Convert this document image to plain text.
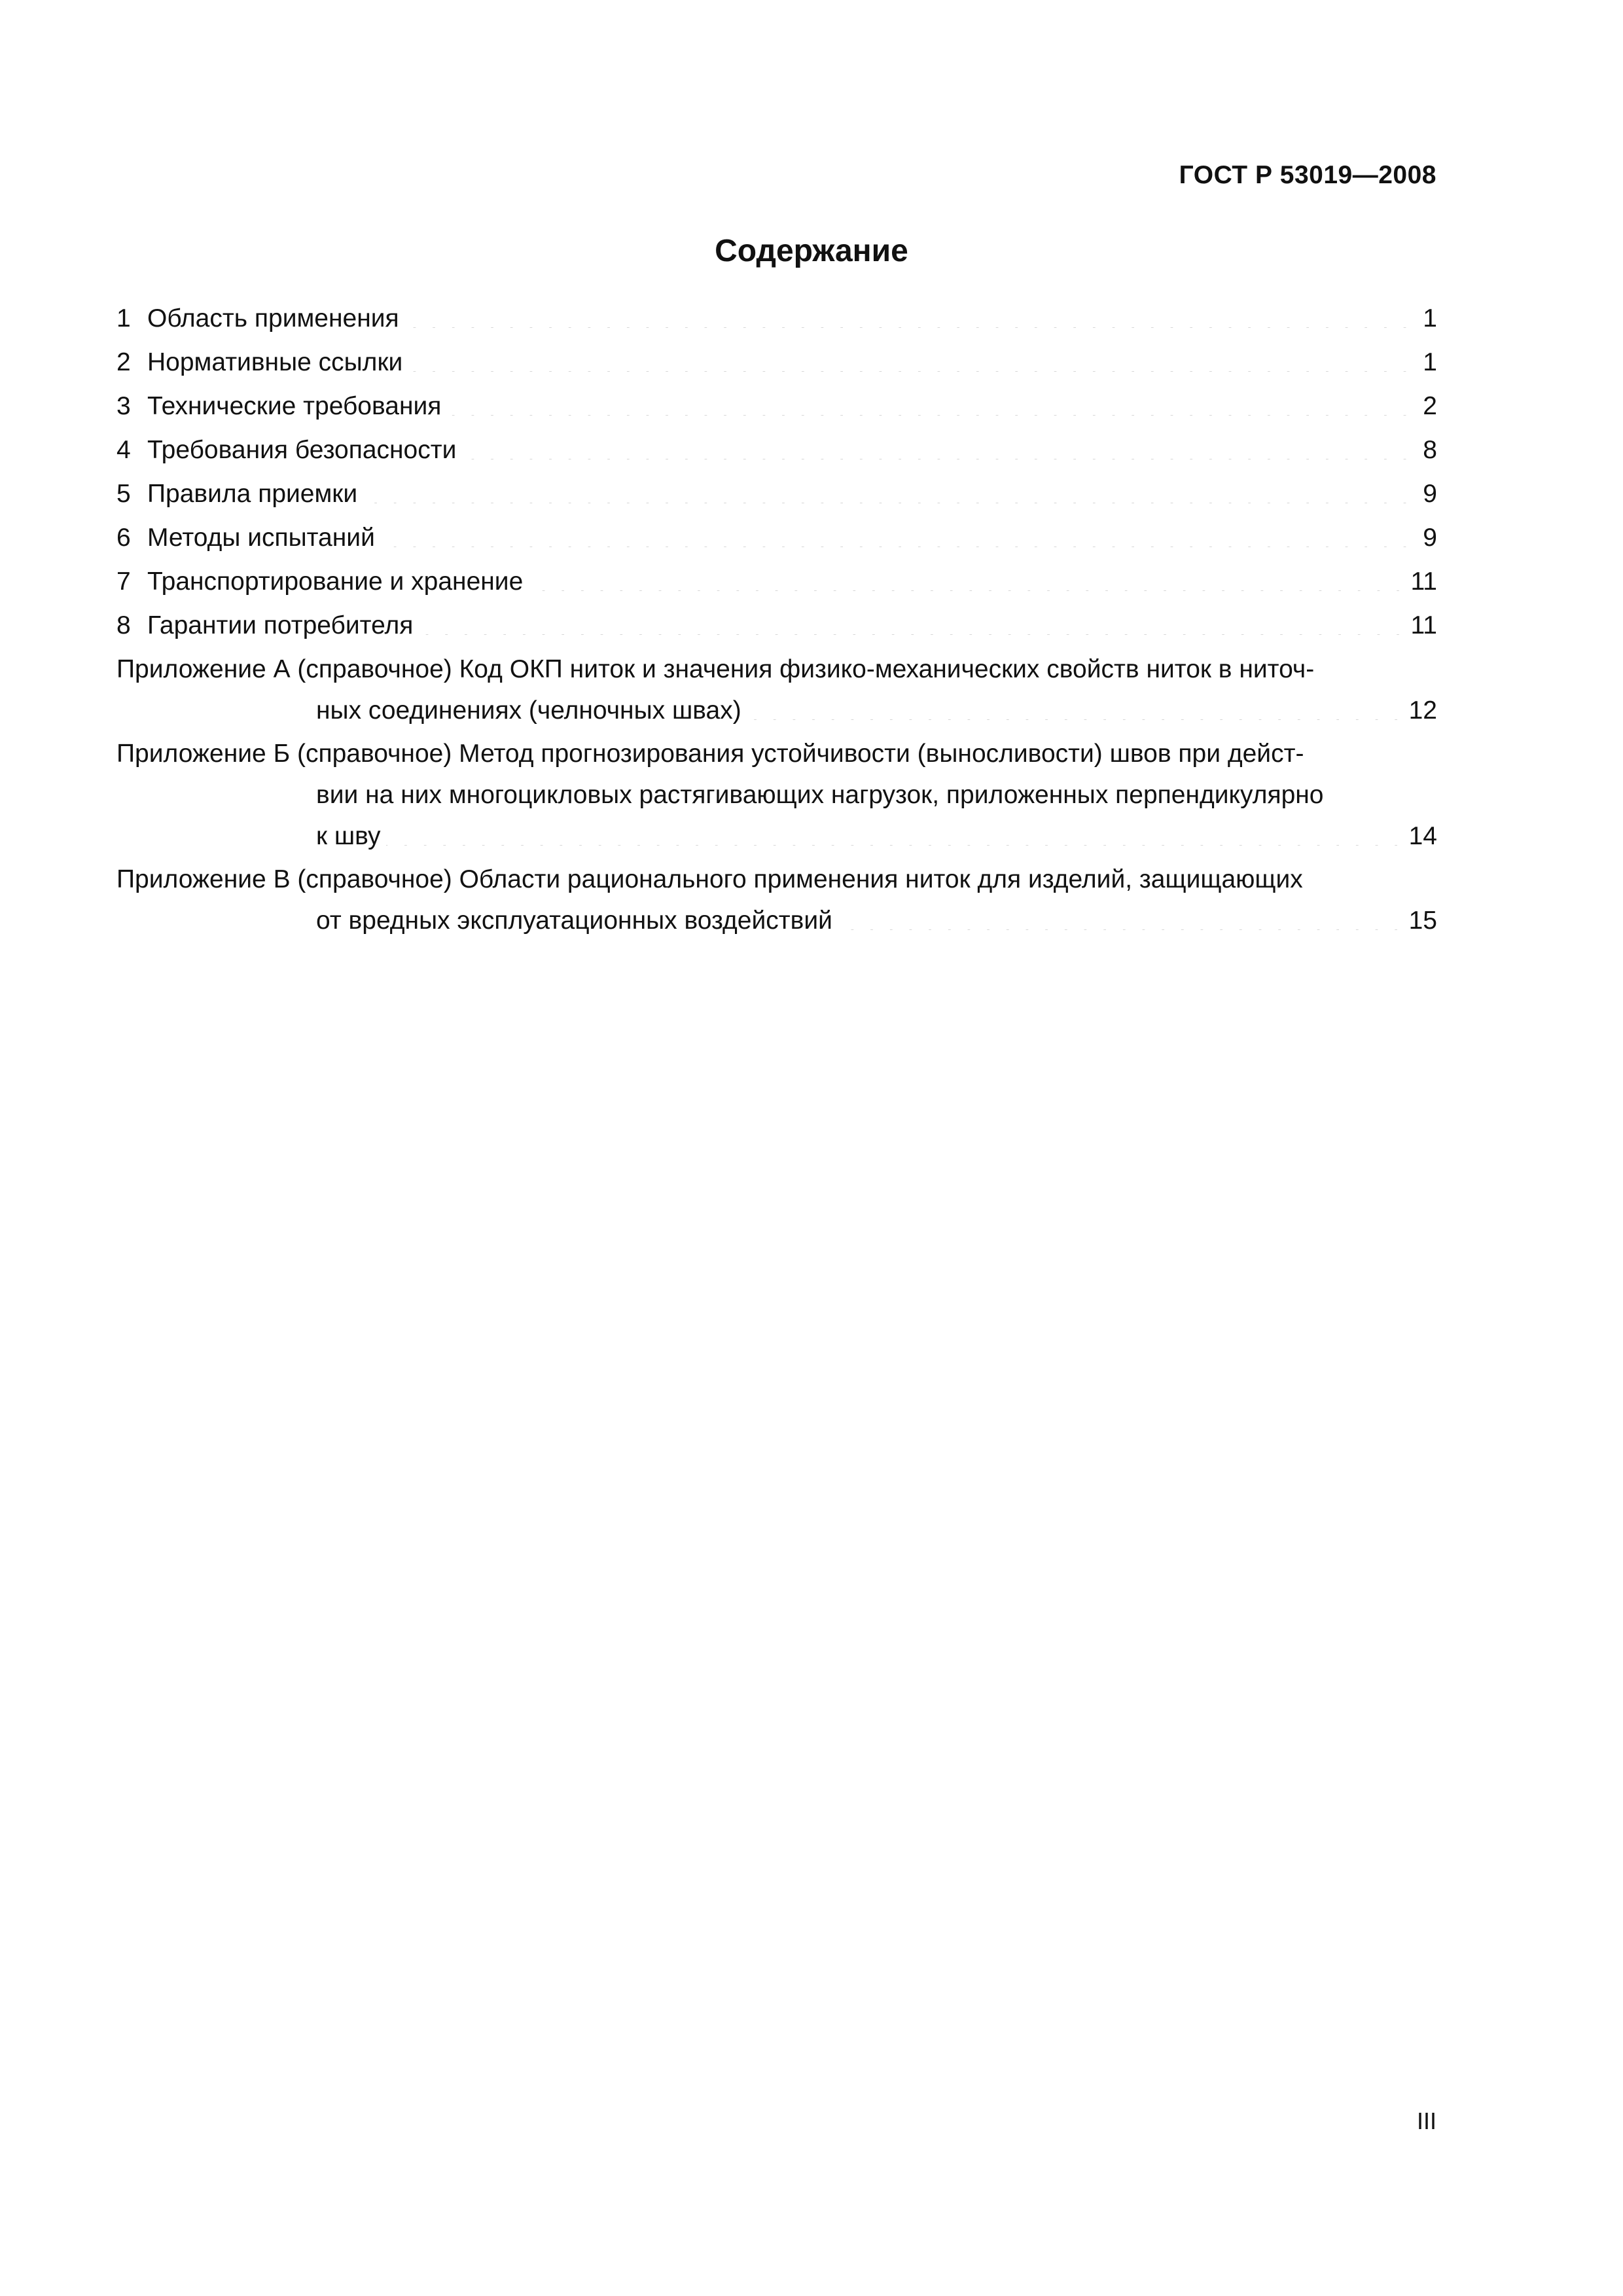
ГОСТ Р 53019—2008
Содержание
1 Область применения . . .	1
2 Нормативные ссылки . . .	1
3 Технические требования . . .	2
4 Требования безопасности . . .	8
5 Правила приемки . . .	9
6 Методы испытаний . . .	9
7 Транспортирование и хранение . . .	11
8 Гарантии потребителя . . .	11
Приложение А (справочное) Код ОКП ниток и значения физико-механических свойств ниток в ниточ-
ных соединениях (челночных швах) . . .	12
Приложение Б (справочное) Метод прогнозирования устойчивости (выносливости) швов при дейст-
вии на них многоцикловых растягивающих нагрузок, приложенных перпендикулярно
к шву . . .	14
Приложение В (справочное) Области рационального применения ниток для изделий, защищающих
от вредных эксплуатационных воздействий . . .	15
III
